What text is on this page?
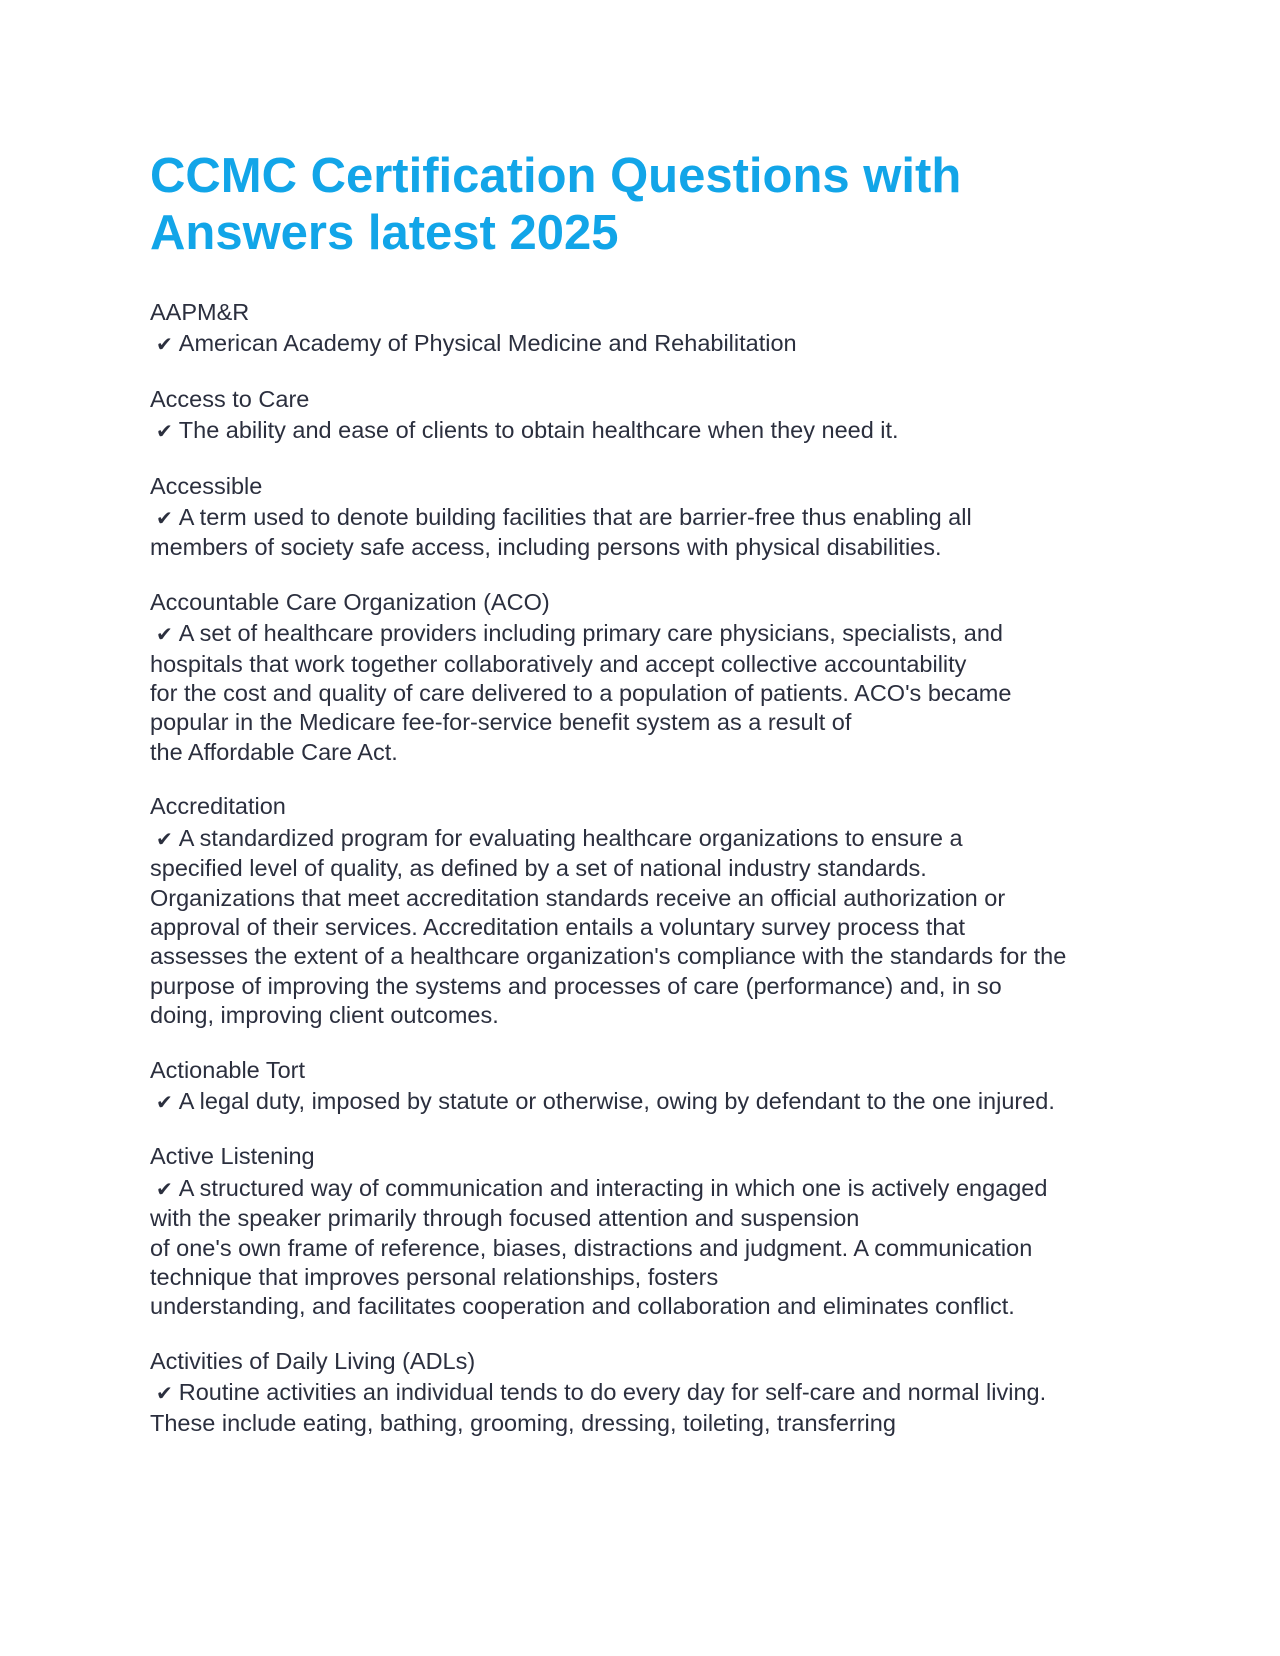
CCMC Certification Questions with
Answers latest 2025
AAPM&R
✔ American Academy of Physical Medicine and Rehabilitation
Access to Care
✔ The ability and ease of clients to obtain healthcare when they need it.
Accessible
✔ A term used to denote building facilities that are barrier-free thus enabling all
members of society safe access, including persons with physical disabilities.
Accountable Care Organization (ACO)
✔ A set of healthcare providers including primary care physicians, specialists, and
hospitals that work together collaboratively and accept collective accountability
for the cost and quality of care delivered to a population of patients. ACO's became
popular in the Medicare fee-for-service benefit system as a result of
the Affordable Care Act.
Accreditation
✔ A standardized program for evaluating healthcare organizations to ensure a
specified level of quality, as defined by a set of national industry standards.
Organizations that meet accreditation standards receive an official authorization or
approval of their services. Accreditation entails a voluntary survey process that
assesses the extent of a healthcare organization's compliance with the standards for the
purpose of improving the systems and processes of care (performance) and, in so
doing, improving client outcomes.
Actionable Tort
✔ A legal duty, imposed by statute or otherwise, owing by defendant to the one injured.
Active Listening
✔ A structured way of communication and interacting in which one is actively engaged
with the speaker primarily through focused attention and suspension
of one's own frame of reference, biases, distractions and judgment. A communication
technique that improves personal relationships, fosters
understanding, and facilitates cooperation and collaboration and eliminates conflict.
Activities of Daily Living (ADLs)
✔ Routine activities an individual tends to do every day for self-care and normal living.
These include eating, bathing, grooming, dressing, toileting, transferring
